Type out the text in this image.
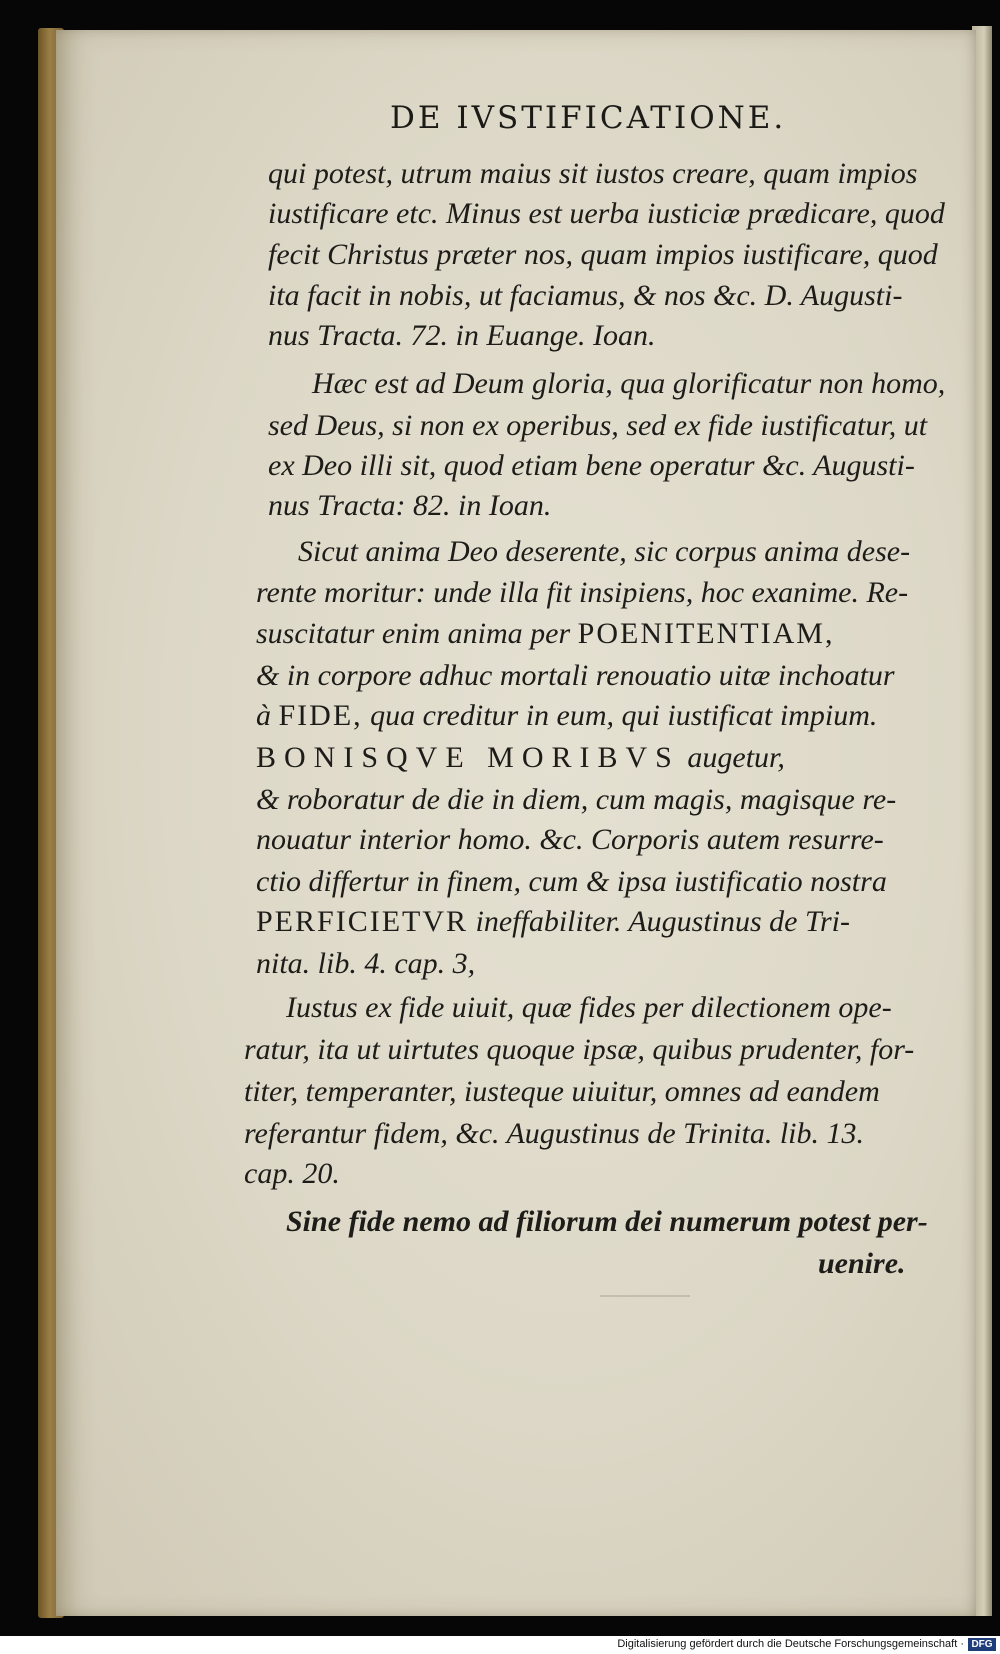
DE IVSTIFICATIONE.
qui potest, utrum maius sit iustos creare, quam impios
iustificare etc. Minus est uerba iusticiæ prædicare, quod
fecit Christus præter nos, quam impios iustificare, quod
ita facit in nobis, ut faciamus, & nos &c. D. Augusti-
nus Tracta. 72. in Euange. Ioan.
Hæc est ad Deum gloria, qua glorificatur non homo,
sed Deus, si non ex operibus, sed ex fide iustificatur, ut
ex Deo illi sit, quod etiam bene operatur &c. Augusti-
nus Tracta: 82. in Ioan.
Sicut anima Deo deserente, sic corpus anima dese-
rente moritur: unde illa fit insipiens, hoc exanime. Re-
suscitatur enim anima per POENITENTIAM,
& in corpore adhuc mortali renouatio uitæ inchoatur
à FIDE, qua creditur in eum, qui iustificat impium.
BONISQVE MORIBVS augetur,
& roboratur de die in diem, cum magis, magisque re-
nouatur interior homo. &c. Corporis autem resurre-
ctio differtur in finem, cum & ipsa iustificatio nostra
PERFICIETVR ineffabiliter. Augustinus de Tri-
nita. lib. 4. cap. 3,
Iustus ex fide uiuit, quæ fides per dilectionem ope-
ratur, ita ut uirtutes quoque ipsæ, quibus prudenter, for-
titer, temperanter, iusteque uiuitur, omnes ad eandem
referantur fidem, &c. Augustinus de Trinita. lib. 13.
cap. 20.
Sine fide nemo ad filiorum dei numerum potest per-
uenire.
Digitalisierung gefördert durch die Deutsche Forschungsgemeinschaft · DFG
